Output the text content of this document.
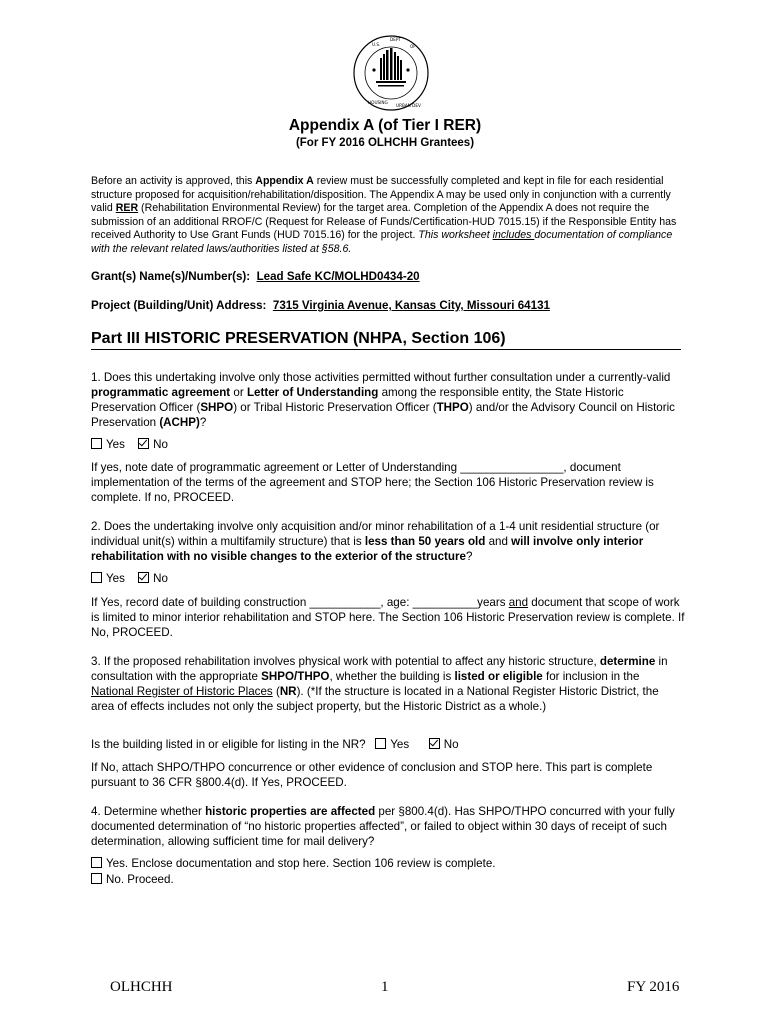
U.S.
DEPT
OF
HOUSING
URBAN DEV
Appendix A (of Tier I RER)
(For FY 2016 OLHCHH Grantees)
Before an activity is approved, this Appendix A review must be successfully completed and kept in file for each residential structure proposed for acquisition/rehabilitation/disposition. The Appendix A may be used only in conjunction with a currently valid RER (Rehabilitation Environmental Review) for the target area. Completion of the Appendix A does not require the submission of an additional RROF/C (Request for Release of Funds/Certification-HUD 7015.15) if the Responsible Entity has received Authority to Use Grant Funds (HUD 7015.16) for the project. This worksheet includes documentation of compliance with the relevant related laws/authorities listed at §58.6.
Grant(s) Name(s)/Number(s): Lead Safe KC/MOLHD0434-20
Project (Building/Unit) Address: 7315 Virginia Avenue, Kansas City, Missouri 64131
Part III HISTORIC PRESERVATION (NHPA, Section 106)
1. Does this undertaking involve only those activities permitted without further consultation under a currently-valid programmatic agreement or Letter of Understanding among the responsible entity, the State Historic Preservation Officer (SHPO) or Tribal Historic Preservation Officer (THPO) and/or the Advisory Council on Historic Preservation (ACHP)?
Yes No
If yes, note date of programmatic agreement or Letter of Understanding ________________, document implementation of the terms of the agreement and STOP here; the Section 106 Historic Preservation review is complete. If no, PROCEED.
2. Does the undertaking involve only acquisition and/or minor rehabilitation of a 1-4 unit residential structure (or individual unit(s) within a multifamily structure) that is less than 50 years old and will involve only interior rehabilitation with no visible changes to the exterior of the structure?
Yes No
If Yes, record date of building construction ___________, age: __________years and document that scope of work is limited to minor interior rehabilitation and STOP here. The Section 106 Historic Preservation review is complete. If No, PROCEED.
3. If the proposed rehabilitation involves physical work with potential to affect any historic structure, determine in consultation with the appropriate SHPO/THPO, whether the building is listed or eligible for inclusion in the National Register of Historic Places (NR). (*If the structure is located in a National Register Historic District, the area of effects includes not only the subject property, but the Historic District as a whole.)
Is the building listed in or eligible for listing in the NR? Yes	No
If No, attach SHPO/THPO concurrence or other evidence of conclusion and STOP here. This part is complete pursuant to 36 CFR §800.4(d). If Yes, PROCEED.
4. Determine whether historic properties are affected per §800.4(d). Has SHPO/THPO concurred with your fully documented determination of “no historic properties affected”, or failed to object within 30 days of receipt of such determination, allowing sufficient time for mail delivery?
Yes. Enclose documentation and stop here. Section 106 review is complete.
No. Proceed.
OLHCHH	1	FY 2016
